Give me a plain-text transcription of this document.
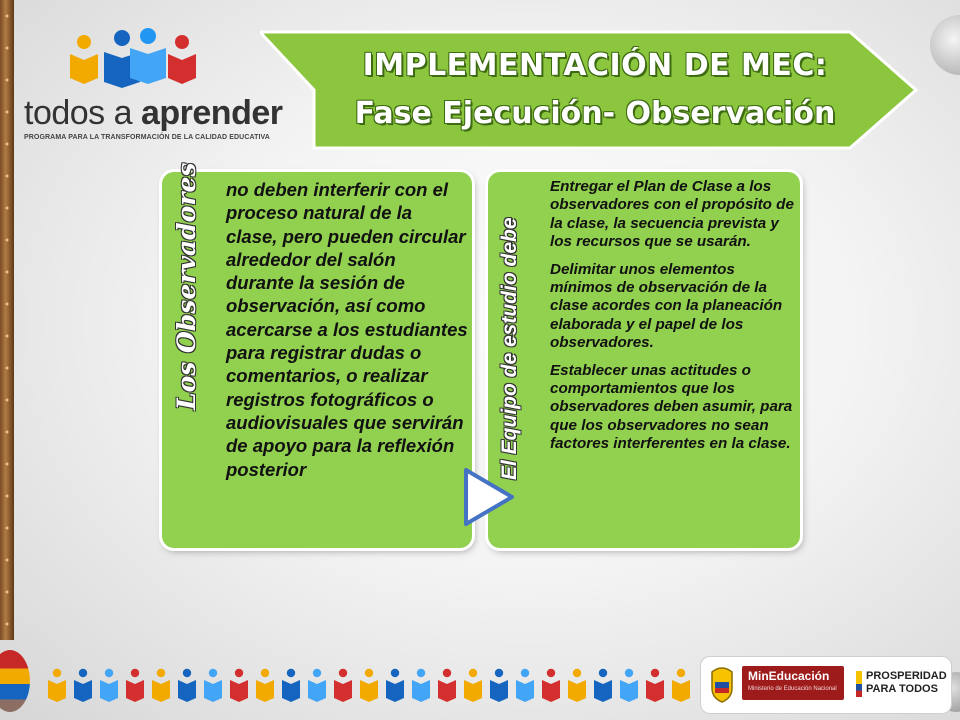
todos a aprender
PROGRAMA PARA LA TRANSFORMACIÓN DE LA CALIDAD EDUCATIVA
IMPLEMENTACIÓN DE MEC:
Fase Ejecución- Observación
Los Observadores no deben interferir con el proceso natural de la clase, pero pueden circular alrededor del salón durante la sesión de observación, así como acercarse a los estudiantes para registrar dudas o comentarios, o realizar registros fotográficos o audiovisuales que servirán de apoyo para la reflexión posterior	El Equipo de estudio debe

Entregar el Plan de Clase a los observadores con el propósito de la clase, la secuencia prevista y los recursos que se usarán.

Delimitar unos elementos mínimos de observación de la clase acordes con la planeación elaborada y el papel de los observadores.

Establecer unas actitudes o comportamientos que los observadores deben asumir, para que los observadores no sean factores interferentes en la clase.

MinEducación
Ministerio de Educación Nacional
PROSPERIDAD
PARA TODOS
